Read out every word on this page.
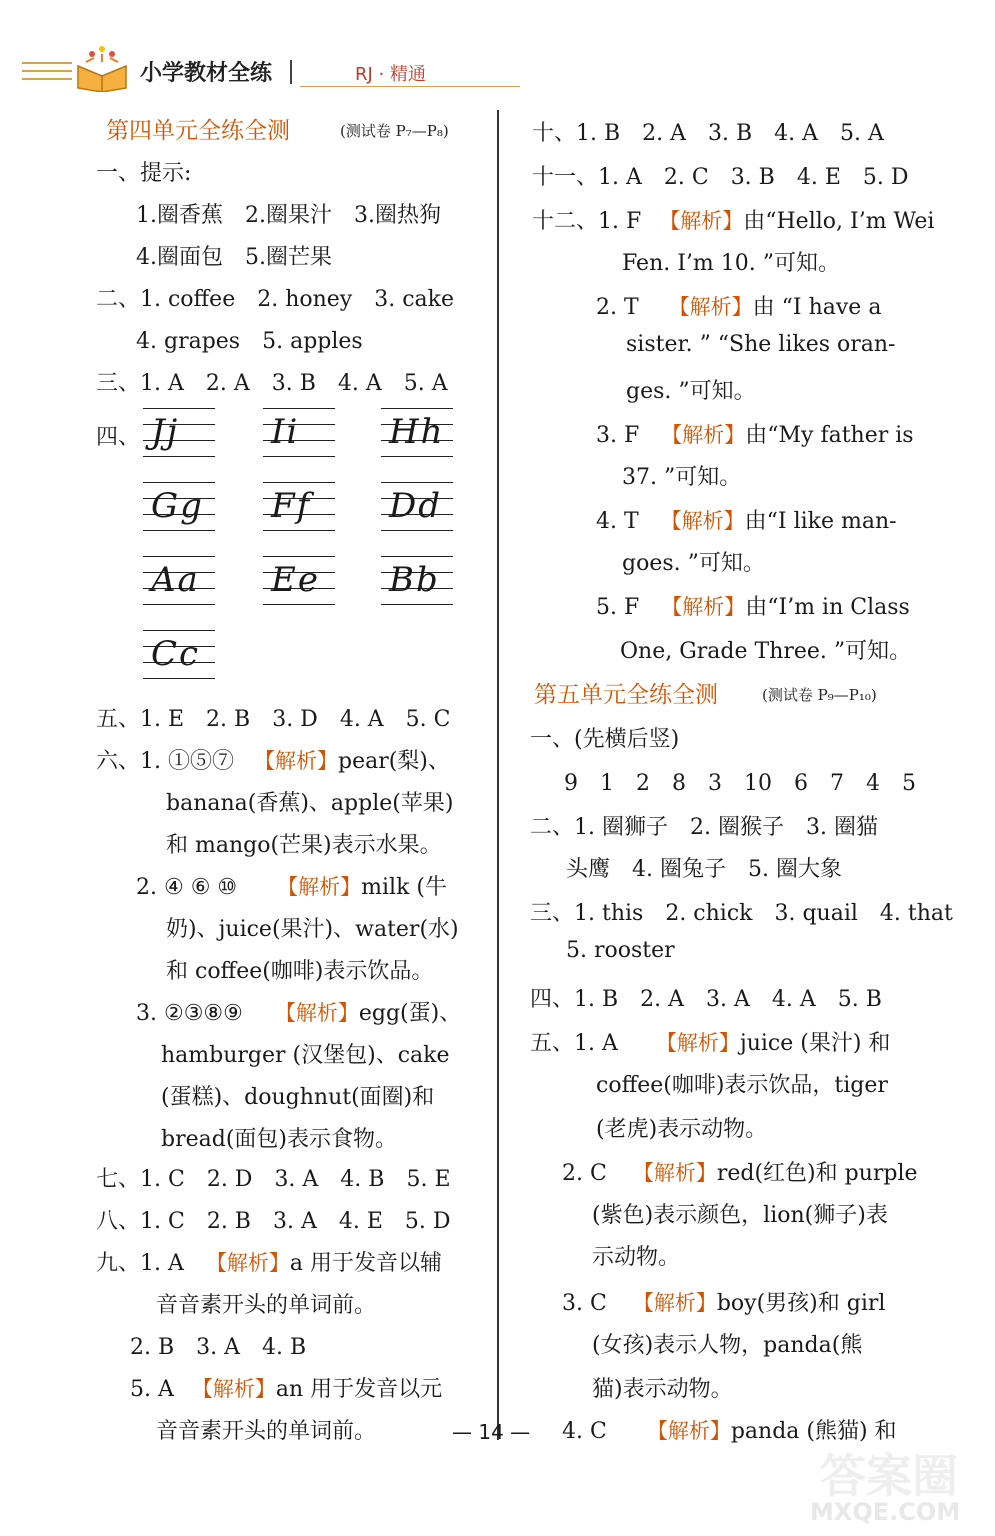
小学教材全练	RJ · 精通
第四单元全练全测	(测试卷 P₇—P₈)
一、提示:
1.圈香蕉　2.圈果汁　3.圈热狗
4.圈面包　5.圈芒果
二、1. coffee　2. honey　3. cake
4. grapes　5. apples
三、1. A　2. A　3. B　4. A　5. A
四、 Jj	Ii	Hh
Gg Ff Dd
Aa Ee Bb
Cc
五、1. E　2. B　3. D　4. A　5. C
六、1. ①⑤⑦ 【解析】pear(梨)、
banana(香蕉)、apple(苹果)
和 mango(芒果)表示水果。
2. ④ ⑥ ⑩ 【解析】milk (牛
奶)、juice(果汁)、water(水)
和 coffee(咖啡)表示饮品。
3. ②③⑧⑨ 【解析】egg(蛋)、
hamburger (汉堡包)、cake
(蛋糕)、doughnut(面圈)和
bread(面包)表示食物。
七、1. C　2. D　3. A　4. B　5. E
八、1. C　2. B　3. A　4. E　5. D
九、1. A 【解析】a 用于发音以辅
音音素开头的单词前。
2. B　3. A　4. B
5. A 【解析】an 用于发音以元
音音素开头的单词前。
十、1. B　2. A　3. B　4. A　5. A
十一、1. A　2. C　3. B　4. E　5. D
十二、1. F 【解析】由“Hello, I’m Wei
Fen. I’m 10. ”可知。
2. T 【解析】由 “I have a
sister. ” “She likes oran-
ges. ”可知。
3. F 【解析】由“My father is
37. ”可知。
4. T 【解析】由“I like man-
goes. ”可知。
5. F 【解析】由“I’m in Class
One, Grade Three. ”可知。
第五单元全练全测	(测试卷 P₉—P₁₀)
一、(先横后竖)
9　1　2　8　3　10　6　7　4　5
二、1. 圈狮子　2. 圈猴子　3. 圈猫
头鹰　4. 圈兔子　5. 圈大象
三、1. this　2. chick　3. quail　4. that
5. rooster
四、1. B　2. A　3. A　4. A　5. B
五、1. A 【解析】juice (果汁) 和
coffee(咖啡)表示饮品，tiger
(老虎)表示动物。
2. C 【解析】red(红色)和 purple
(紫色)表示颜色，lion(狮子)表
示动物。
3. C 【解析】boy(男孩)和 girl
(女孩)表示人物，panda(熊
猫)表示动物。
4. C 【解析】panda (熊猫) 和
— 14 —
答案圈
MXQE.COM
